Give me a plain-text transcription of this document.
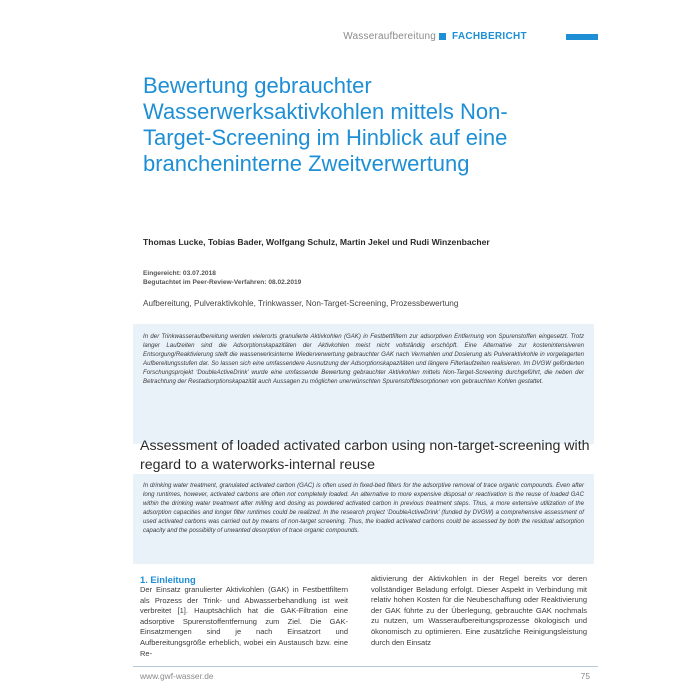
Wasseraufbereitung FACHBERICHT
Bewertung gebrauchter Wasserwerksaktivkohlen mittels Non-Target-Screening im Hinblick auf eine brancheninterne Zweitverwertung
Thomas Lucke, Tobias Bader, Wolfgang Schulz, Martin Jekel und Rudi Winzenbacher
Eingereicht: 03.07.2018
Begutachtet im Peer-Review-Verfahren: 08.02.2019
Aufbereitung, Pulveraktivkohle, Trinkwasser, Non-Target-Screening, Prozessbewertung

In der Trinkwasseraufbereitung werden vielerorts granulierte Aktivkohlen (GAK) in Festbettfiltern zur adsorptiven Entfernung von Spurenstoffen eingesetzt. Trotz langer Laufzeiten sind die Adsorptionskapazitäten der Aktivkohlen meist nicht vollständig erschöpft. Eine Alternative zur kostenintensiveren Entsorgung/Reaktivierung stellt die wasserwerksinterne Wiederverwertung gebrauchter GAK nach Vermahlen und Dosierung als Pulveraktivkohle in vorgelagerten Aufbereitungsstufen dar. So lassen sich eine umfassendere Ausnutzung der Adsorptionskapazitäten und längere Filterlaufzeiten realisieren. Im DVGW geförderten Forschungsprojekt ‘DoubleActiveDrink’ wurde eine umfassende Bewertung gebrauchter Aktivkohlen mittels Non-Target-Screening durchgeführt, die neben der Betrachtung der Restadsorptionskapazität auch Aussagen zu möglichen unerwünschten Spurenstoffdesorptionen von gebrauchten Kohlen gestattet.

Assessment of loaded activated carbon using non-target-screening with regard to a waterworks-internal reuse

In drinking water treatment, granulated activated carbon (GAC) is often used in fixed-bed filters for the adsorptive removal of trace organic compounds. Even after long runtimes, however, activated carbons are often not completely loaded. An alternative to more expensive disposal or reactivation is the reuse of loaded GAC within the drinking water treatment after milling and dosing as powdered activated carbon in previous treatment steps. Thus, a more extensive utilization of the adsorption capacities and longer filter runtimes could be realized. In the research project ‘DoubleActiveDrink’ (funded by DVGW) a comprehensive assessment of used activated carbons was carried out by means of non-target screening. Thus, the loaded activated carbons could be assessed by both the residual adsorption capacity and the possibility of unwanted desorption of trace organic compounds.

1. Einleitung

Der Einsatz granulierter Aktivkohlen (GAK) in Festbettfiltern als Prozess der Trink- und Abwasserbehandlung ist weit verbreitet [1]. Hauptsächlich hat die GAK-Filtration eine adsorptive Spurenstoffentfernung zum Ziel. Die GAK-Einsatzmengen sind je nach Einsatzort und Aufbereitungsgröße erheblich, wobei ein Austausch bzw. eine Re-

aktivierung der Aktivkohlen in der Regel bereits vor deren vollständiger Beladung erfolgt. Dieser Aspekt in Verbindung mit relativ hohen Kosten für die Neubeschaffung oder Reaktivierung der GAK führte zu der Überlegung, gebrauchte GAK nochmals zu nutzen, um Wasseraufbereitungsprozesse ökologisch und ökonomisch zu optimieren. Eine zusätzliche Reinigungsleistung durch den Einsatz

www.gwf-wasser.de	75
